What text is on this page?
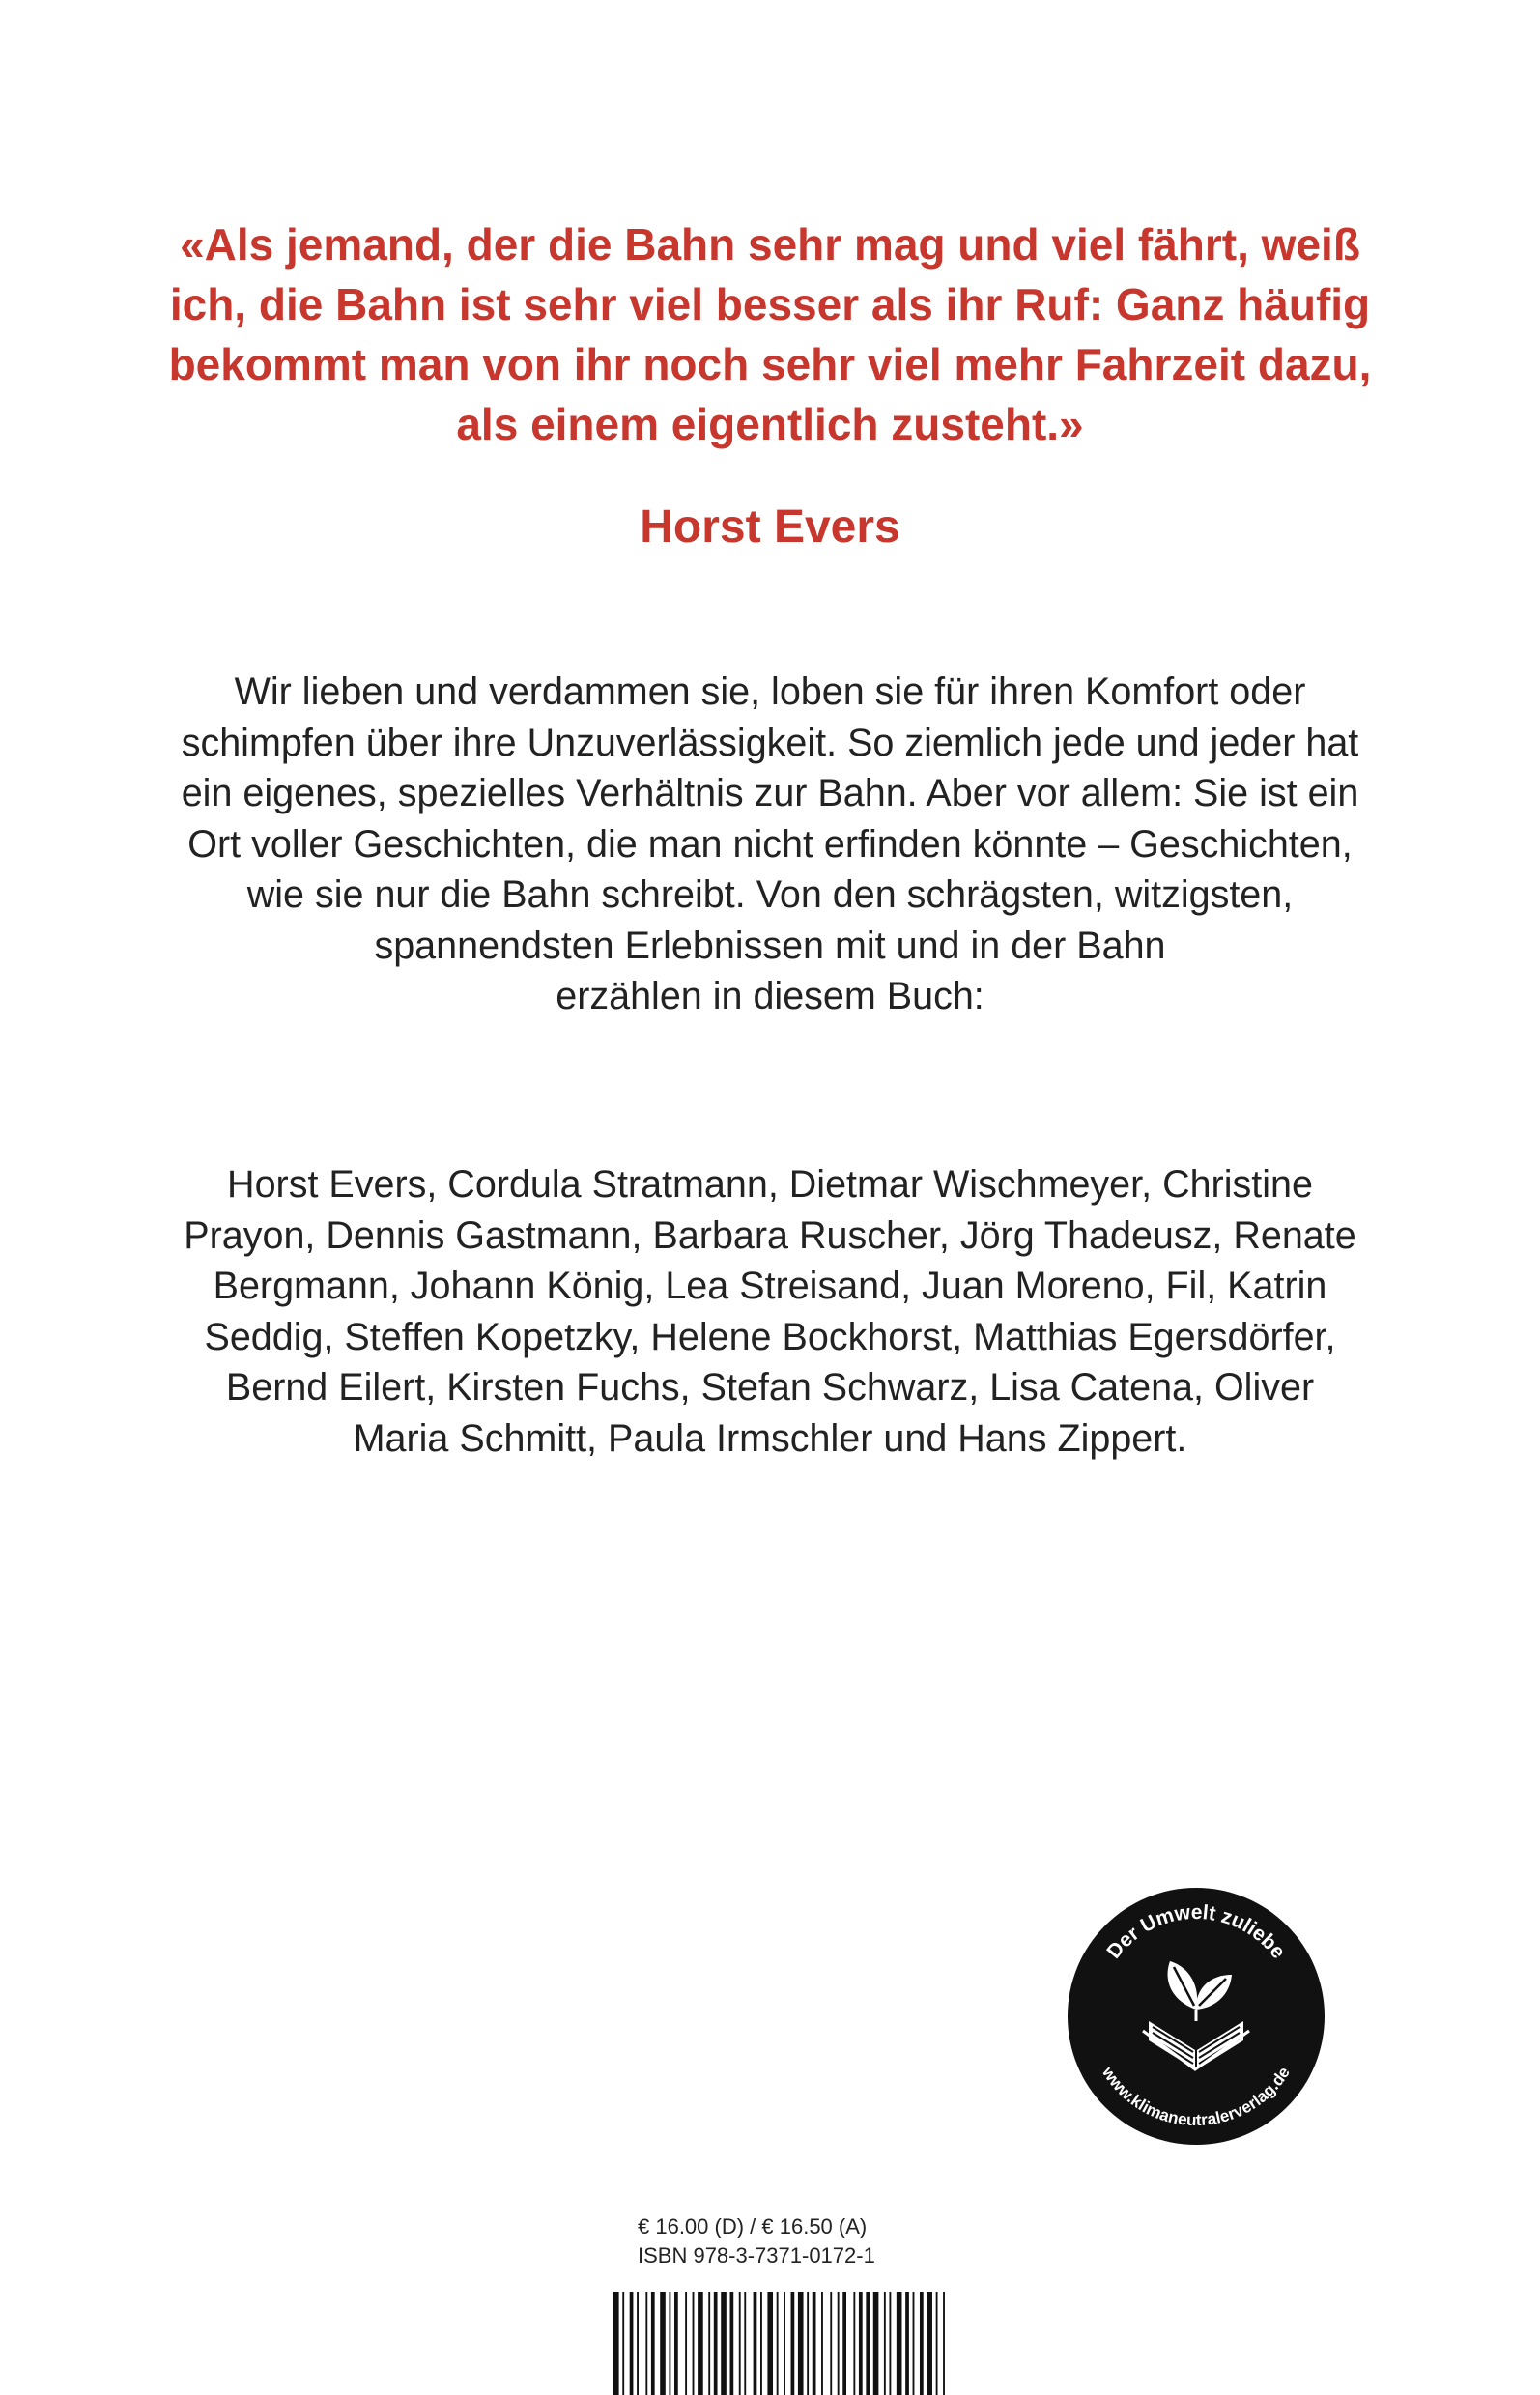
«Als jemand, der die Bahn sehr mag und viel fährt, weiß
ich, die Bahn ist sehr viel besser als ihr Ruf: Ganz häufig
bekommt man von ihr noch sehr viel mehr Fahrzeit dazu,
als einem eigentlich zusteht.»
Horst Evers
Wir lieben und verdammen sie, loben sie für ihren Komfort oder
schimpfen über ihre Unzuverlässigkeit. So ziemlich jede und jeder hat
ein eigenes, spezielles Verhältnis zur Bahn. Aber vor allem: Sie ist ein
Ort voller Geschichten, die man nicht erfinden könnte – Geschichten,
wie sie nur die Bahn schreibt. Von den schrägsten, witzigsten,
spannendsten Erlebnissen mit und in der Bahn
erzählen in diesem Buch:
Horst Evers, Cordula Stratmann, Dietmar Wischmeyer, Christine
Prayon, Dennis Gastmann, Barbara Ruscher, Jörg Thadeusz, Renate
Bergmann, Johann König, Lea Streisand, Juan Moreno, Fil, Katrin
Seddig, Steffen Kopetzky, Helene Bockhorst, Matthias Egersdörfer,
Bernd Eilert, Kirsten Fuchs, Stefan Schwarz, Lisa Catena, Oliver
Maria Schmitt, Paula Irmschler und Hans Zippert.
Der Umwelt zuliebe
www.klimaneutralerverlag.de
€ 16.00 (D) / € 16.50 (A)
ISBN 978-3-7371-0172-1
